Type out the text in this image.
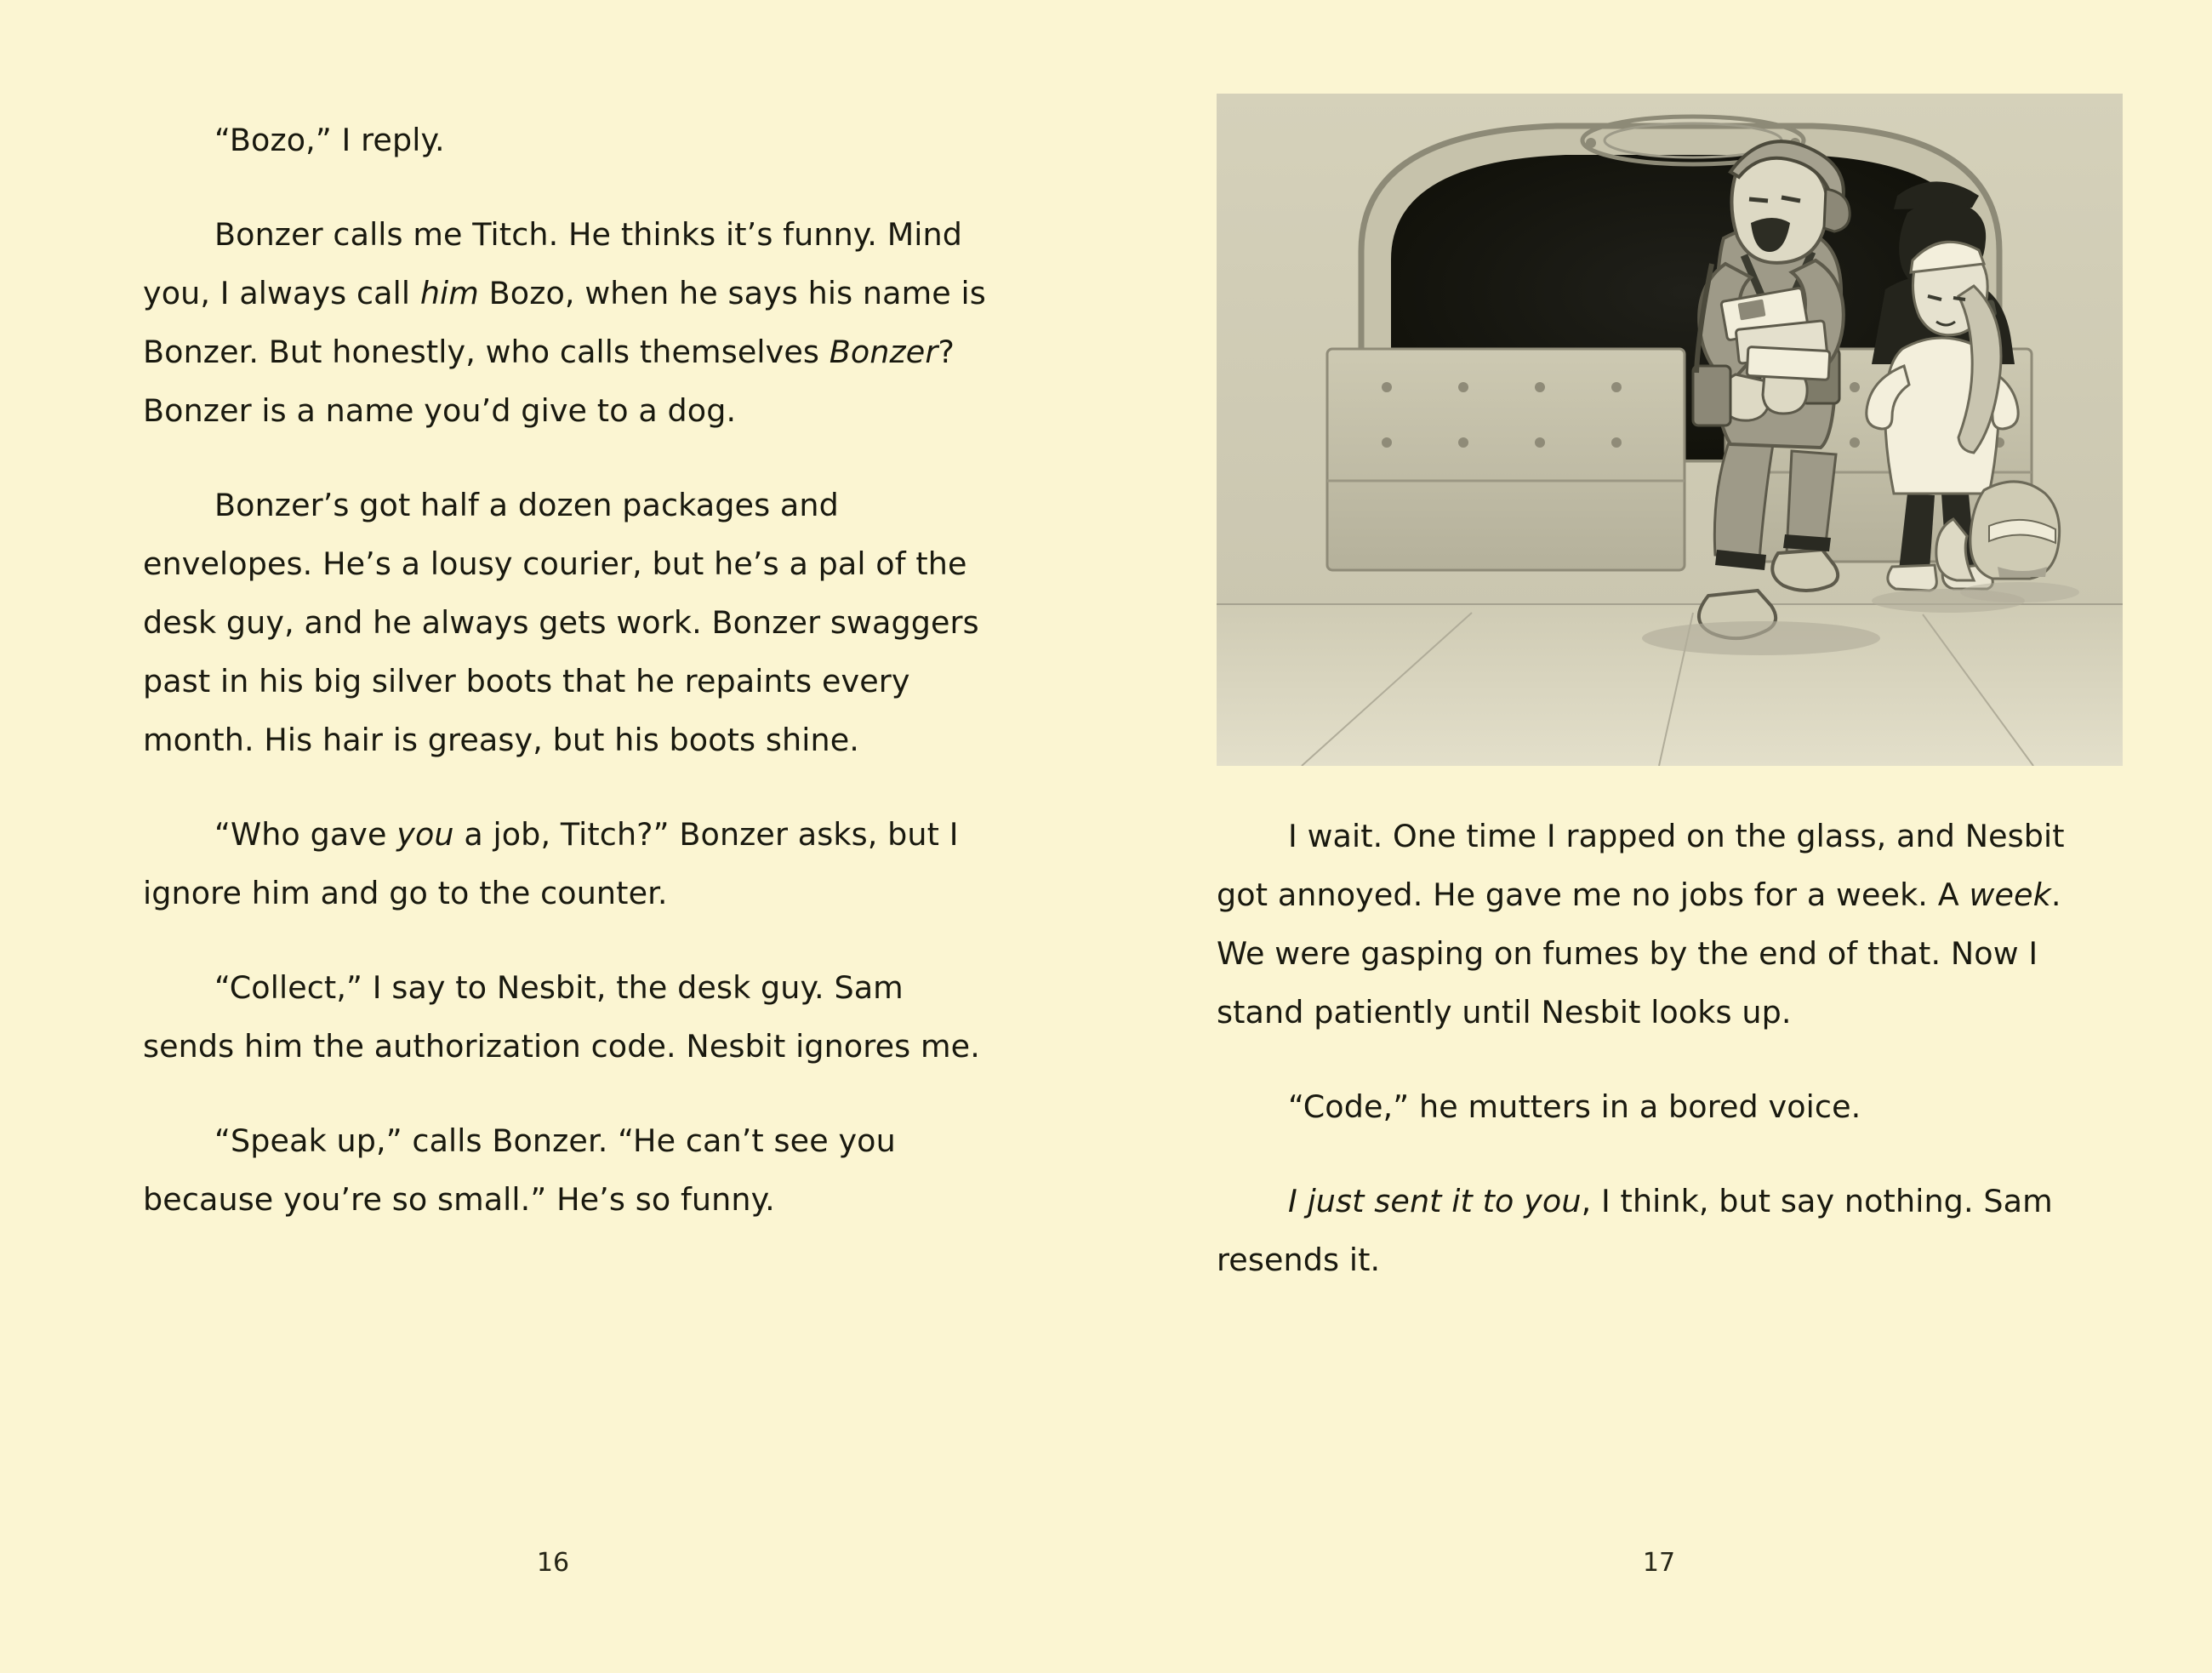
“Bozo,” I reply.

Bonzer calls me Titch. He thinks it’s funny. Mind you, I always call him Bozo, when he says his name is Bonzer. But honestly, who calls themselves Bonzer? Bonzer is a name you’d give to a dog.

Bonzer’s got half a dozen packages and envelopes. He’s a lousy courier, but he’s a pal of the desk guy, and he always gets work. Bonzer swaggers past in his big silver boots that he repaints every month. His hair is greasy, but his boots shine.

“Who gave you a job, Titch?” Bonzer asks, but I ignore him and go to the counter.

“Collect,” I say to Nesbit, the desk guy. Sam sends him the authorization code. Nesbit ignores me.

“Speak up,” calls Bonzer. “He can’t see you because you’re so small.” He’s so funny.

16

I wait. One time I rapped on the glass, and Nesbit got annoyed. He gave me no jobs for a week. A week. We were gasping on fumes by the end of that. Now I stand patiently until Nesbit looks up.

“Code,” he mutters in a bored voice.

I just sent it to you, I think, but say nothing. Sam resends it.

17
